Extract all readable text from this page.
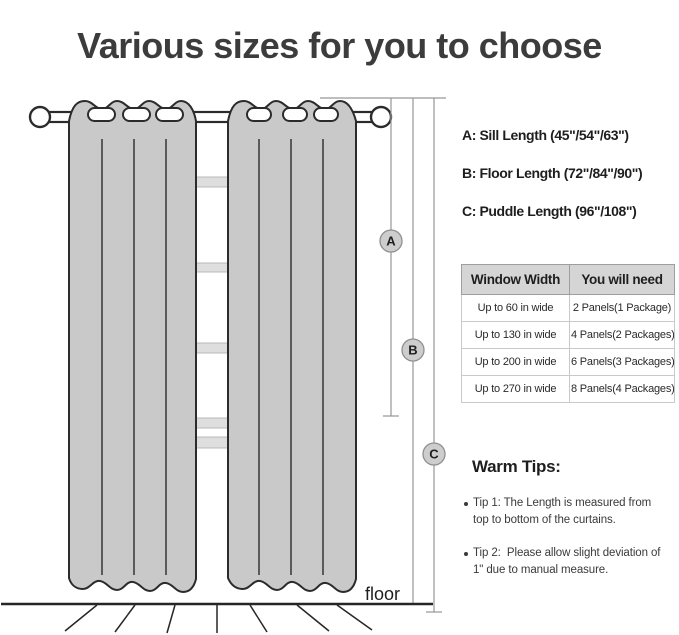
Various sizes for you to choose
A
B
C
floor
A: Sill Length (45"/54"/63")
B: Floor Length (72"/84"/90")
C: Puddle Length (96"/108")
Window Width	You will need
Up to 60 in wide	2 Panels(1 Package)
Up to 130 in wide	4 Panels(2 Packages)
Up to 200 in wide	6 Panels(3 Packages)
Up to 270 in wide	8 Panels(4 Packages)
Warm Tips:
Tip 1: The Length is measured from
top to bottom of the curtains.
Tip 2:  Please allow slight deviation of
1" due to manual measure.
